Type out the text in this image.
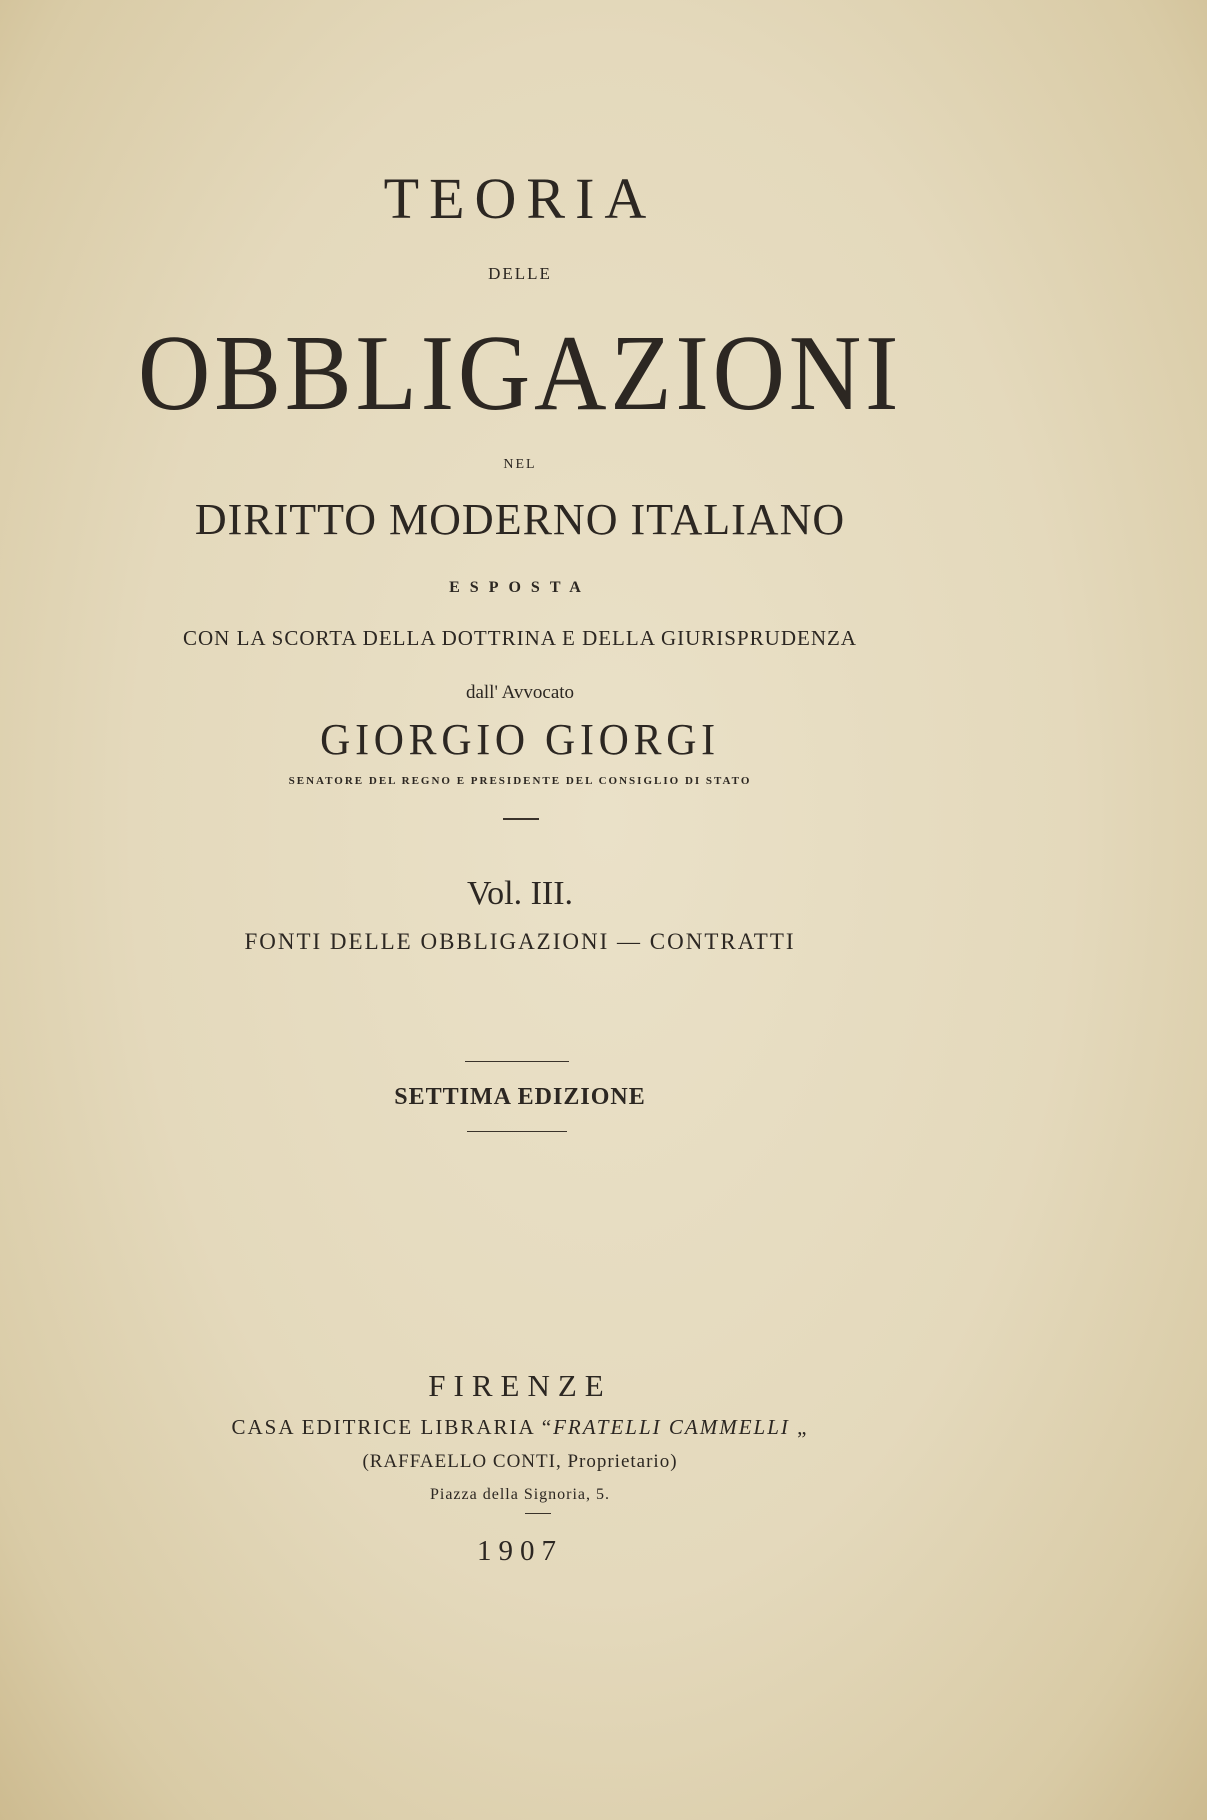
TEORIA
DELLE
OBBLIGAZIONI
NEL
DIRITTO MODERNO ITALIANO
ESPOSTA
CON LA SCORTA DELLA DOTTRINA E DELLA GIURISPRUDENZA
dall' Avvocato
GIORGIO GIORGI
SENATORE DEL REGNO E PRESIDENTE DEL CONSIGLIO DI STATO
Vol. III.
FONTI DELLE OBBLIGAZIONI — CONTRATTI
SETTIMA EDIZIONE
FIRENZE
CASA EDITRICE LIBRARIA “FRATELLI CAMMELLI „
(RAFFAELLO CONTI, Proprietario)
Piazza della Signoria, 5.
1907
